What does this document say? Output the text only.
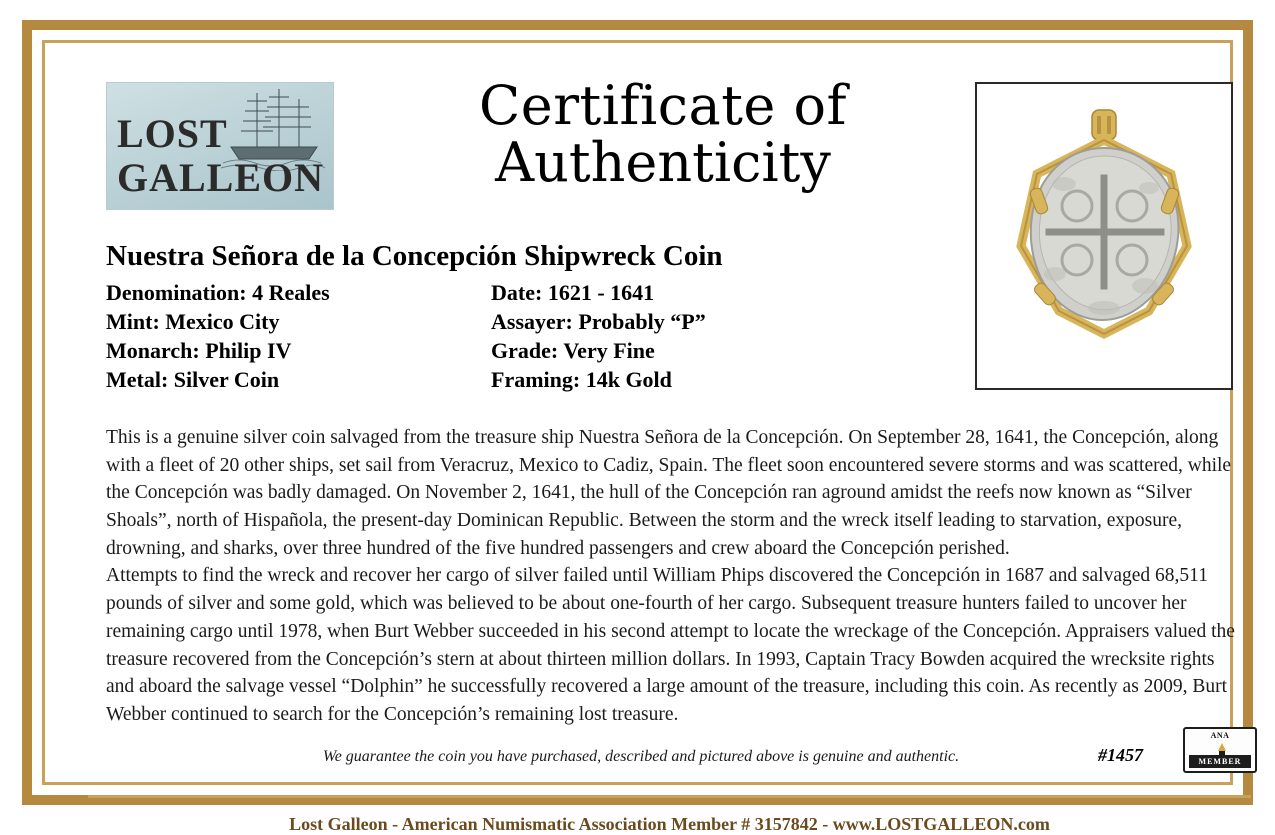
LOST
GALLEON
Certificate of
Authenticity
Nuestra Señora de la Concepción Shipwreck Coin
Denomination: 4 Reales	Date: 1621 - 1641
Mint: Mexico City	Assayer: Probably “P”
Monarch: Philip IV	Grade: Very Fine
Metal: Silver Coin	Framing: 14k Gold

This is a genuine silver coin salvaged from the treasure ship Nuestra Señora de la Concepción. On September 28, 1641, the Concepción, along with a fleet of 20 other ships, set sail from Veracruz, Mexico to Cadiz, Spain. The fleet soon encountered severe storms and was scattered, while the Concepción was badly damaged. On November 2, 1641, the hull of the Concepción ran aground amidst the reefs now known as “Silver Shoals”, north of Hispañola, the present-day Dominican Republic. Between the storm and the wreck itself leading to starvation, exposure, drowning, and sharks, over three hundred of the five hundred passengers and crew aboard the Concepción perished.

Attempts to find the wreck and recover her cargo of silver failed until William Phips discovered the Concepción in 1687 and salvaged 68,511 pounds of silver and some gold, which was believed to be about one-fourth of her cargo. Subsequent treasure hunters failed to uncover her remaining cargo until 1978, when Burt Webber succeeded in his second attempt to locate the wreckage of the Concepción. Appraisers valued the treasure recovered from the Concepción’s stern at about thirteen million dollars. In 1993, Captain Tracy Bowden acquired the wrecksite rights and aboard the salvage vessel “Dolphin” he successfully recovered a large amount of the treasure, including this coin. As recently as 2009, Burt Webber continued to search for the Concepción’s remaining lost treasure.

We guarantee the coin you have purchased, described and pictured above is genuine and authentic.	#1457
ANA
MEMBER
Lost Galleon - American Numismatic Association Member # 3157842 - www.LOSTGALLEON.com
